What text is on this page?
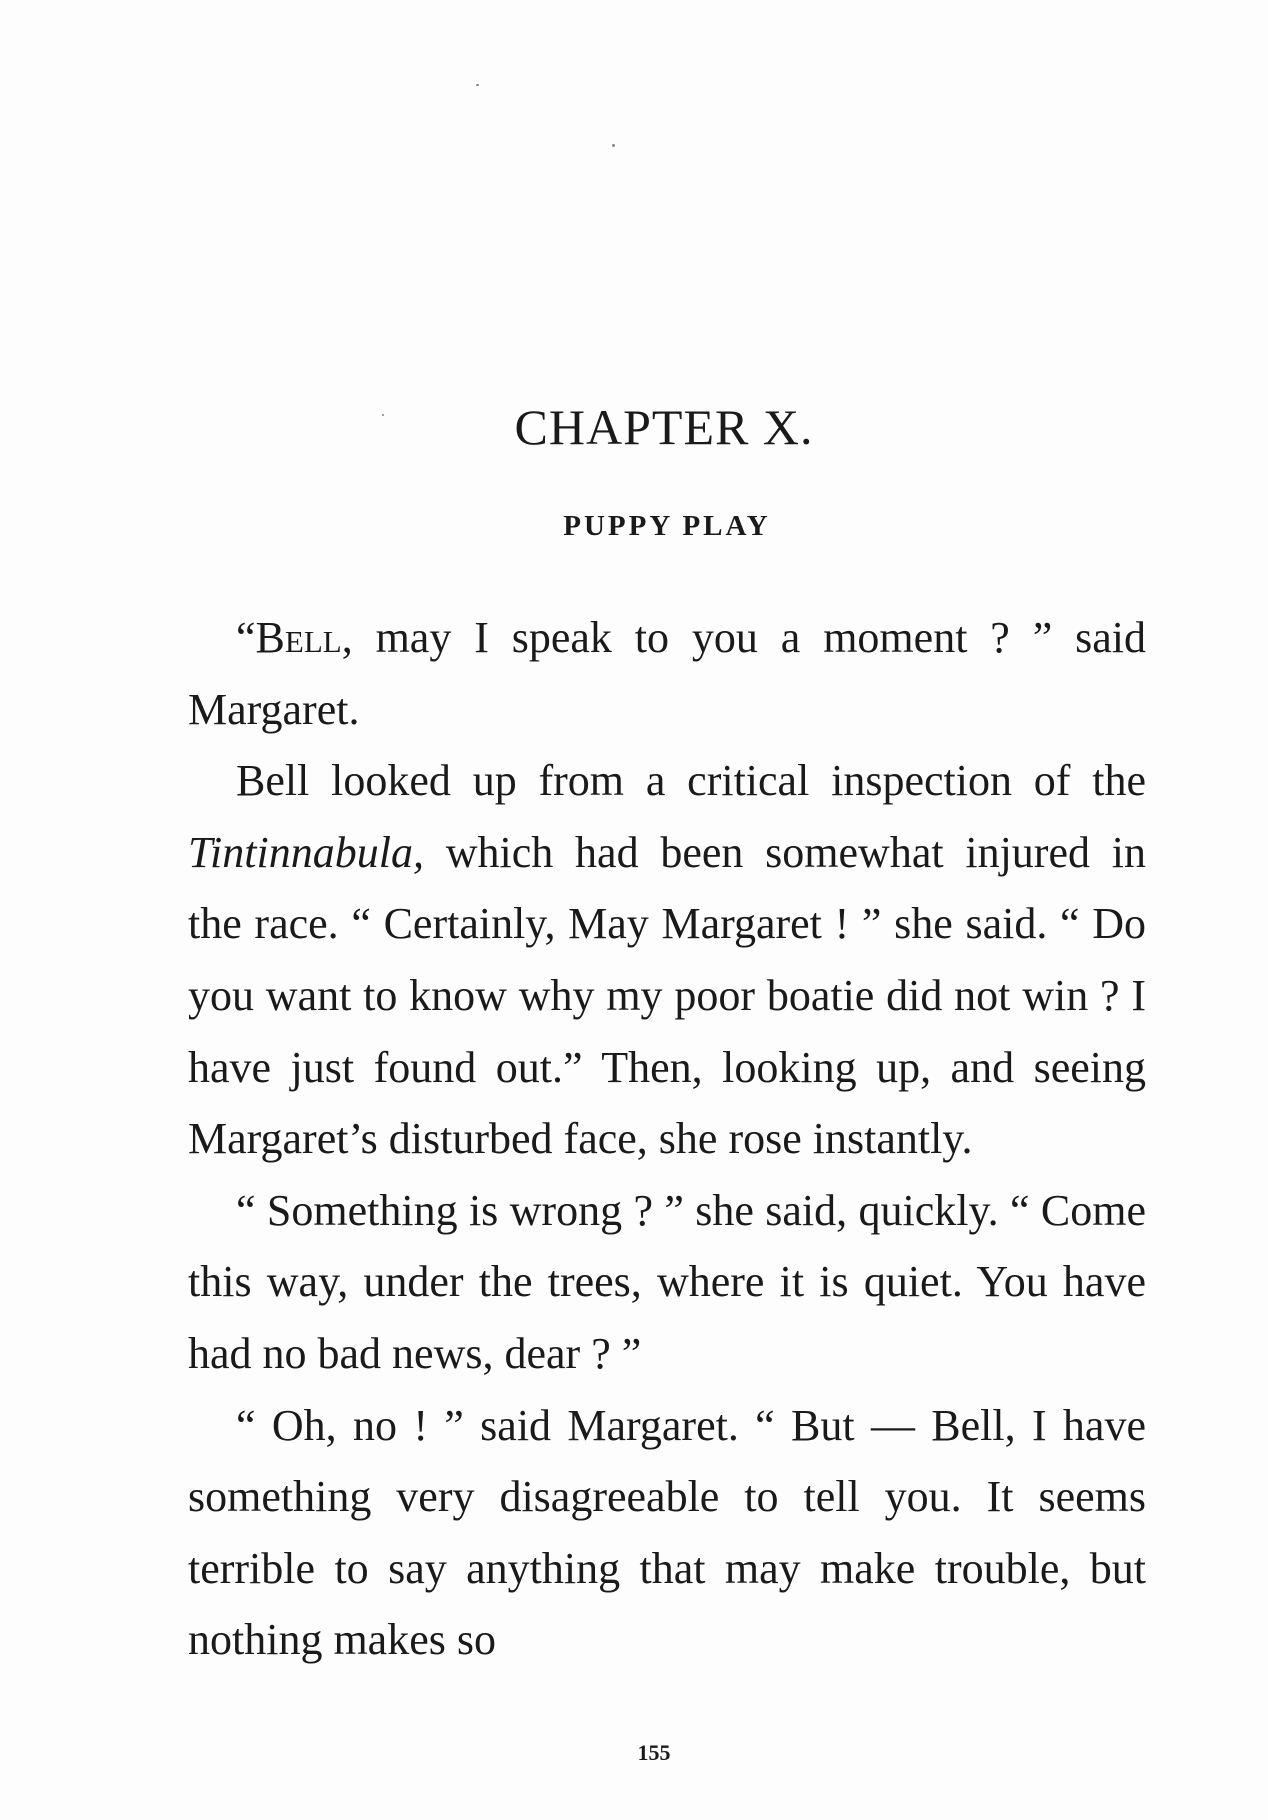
CHAPTER X.
PUPPY PLAY

“Bell, may I speak to you a moment ? ” said Margaret.

Bell looked up from a critical inspection of the Tintinnabula, which had been somewhat injured in the race. “ Certainly, May Margaret ! ” she said. “ Do you want to know why my poor boatie did not win ? I have just found out.” Then, looking up, and seeing Margaret’s disturbed face, she rose instantly.

“ Something is wrong ? ” she said, quickly. “ Come this way, under the trees, where it is quiet. You have had no bad news, dear ? ”

“ Oh, no ! ” said Margaret. “ But — Bell, I have something very disagreeable to tell you. It seems terrible to say anything that may make trouble, but nothing makes so

155
